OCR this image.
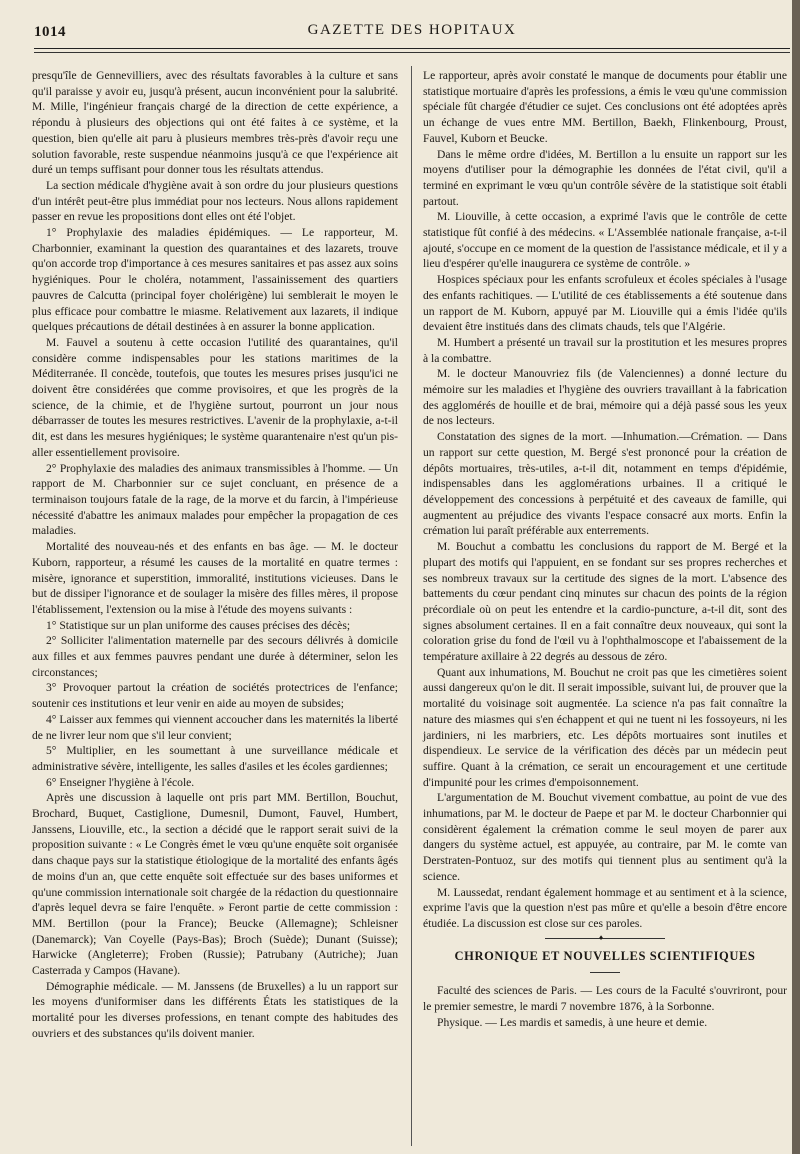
1014	GAZETTE DES HOPITAUX

presqu'île de Gennevilliers, avec des résultats favorables à la culture et sans qu'il paraisse y avoir eu, jusqu'à présent, aucun inconvénient pour la salubrité. M. Mille, l'ingénieur français chargé de la direction de cette expérience, a répondu à plusieurs des objections qui ont été faites à ce système, et la question, bien qu'elle ait paru à plusieurs membres très-près d'avoir reçu une solution favorable, reste suspendue néanmoins jusqu'à ce que l'expérience ait duré un temps suffisant pour donner tous les résultats attendus.

La section médicale d'hygiène avait à son ordre du jour plusieurs questions d'un intérêt peut-être plus immédiat pour nos lecteurs. Nous allons rapidement passer en revue les propositions dont elles ont été l'objet.

1° Prophylaxie des maladies épidémiques. — Le rapporteur, M. Charbonnier, examinant la question des quarantaines et des lazarets, trouve qu'on accorde trop d'importance à ces mesures sanitaires et pas assez aux soins hygiéniques. Pour le choléra, notamment, l'assainissement des quartiers pauvres de Calcutta (principal foyer cholérigène) lui semblerait le moyen le plus efficace pour combattre le miasme. Relativement aux lazarets, il indique quelques précautions de détail destinées à en assurer la bonne application.

M. Fauvel a soutenu à cette occasion l'utilité des quarantaines, qu'il considère comme indispensables pour les stations maritimes de la Méditerranée. Il concède, toutefois, que toutes les mesures prises jusqu'ici ne doivent être considérées que comme provisoires, et que les progrès de la science, de la chimie, et de l'hygiène surtout, pourront un jour nous débarrasser de toutes les mesures restrictives. L'avenir de la prophylaxie, a-t-il dit, est dans les mesures hygiéniques; le système quarantenaire n'est qu'un pis-aller essentiellement provisoire.

2° Prophylaxie des maladies des animaux transmissibles à l'homme. — Un rapport de M. Charbonnier sur ce sujet concluant, en présence de a terminaison toujours fatale de la rage, de la morve et du farcin, à l'impérieuse nécessité d'abattre les animaux malades pour empêcher la propagation de ces maladies.

Mortalité des nouveau-nés et des enfants en bas âge. — M. le docteur Kuborn, rapporteur, a résumé les causes de la mortalité en quatre termes : misère, ignorance et superstition, immoralité, institutions vicieuses. Dans le but de dissiper l'ignorance et de soulager la misère des filles mères, il propose l'établissement, l'extension ou la mise à l'étude des moyens suivants :

1° Statistique sur un plan uniforme des causes précises des décès;

2° Solliciter l'alimentation maternelle par des secours délivrés à domicile aux filles et aux femmes pauvres pendant une durée à déterminer, selon les circonstances;

3° Provoquer partout la création de sociétés protectrices de l'enfance; soutenir ces institutions et leur venir en aide au moyen de subsides;

4° Laisser aux femmes qui viennent accoucher dans les maternités la liberté de ne livrer leur nom que s'il leur convient;

5° Multiplier, en les soumettant à une surveillance médicale et administrative sévère, intelligente, les salles d'asiles et les écoles gardiennes;

6° Enseigner l'hygiène à l'école.

Après une discussion à laquelle ont pris part MM. Bertillon, Bouchut, Brochard, Buquet, Castiglione, Dumesnil, Dumont, Fauvel, Humbert, Janssens, Liouville, etc., la section a décidé que le rapport serait suivi de la proposition suivante : « Le Congrès émet le vœu qu'une enquête soit organisée dans chaque pays sur la statistique étiologique de la mortalité des enfants âgés de moins d'un an, que cette enquête soit effectuée sur des bases uniformes et qu'une commission internationale soit chargée de la rédaction du questionnaire d'après lequel devra se faire l'enquête. » Feront partie de cette commission : MM. Bertillon (pour la France); Beucke (Allemagne); Schleisner (Danemarck); Van Coyelle (Pays-Bas); Broch (Suède); Dunant (Suisse); Harwicke (Angleterre); Froben (Russie); Patrubany (Autriche); Juan Casterrada y Campos (Havane).

Démographie médicale. — M. Janssens (de Bruxelles) a lu un rapport sur les moyens d'uniformiser dans les différents États les statistiques de la mortalité pour les diverses professions, en tenant compte des habitudes des ouvriers et des substances qu'ils doivent manier.

Le rapporteur, après avoir constaté le manque de documents pour établir une statistique mortuaire d'après les professions, a émis le vœu qu'une commission spéciale fût chargée d'étudier ce sujet. Ces conclusions ont été adoptées après un échange de vues entre MM. Bertillon, Baekh, Flinkenbourg, Proust, Fauvel, Kuborn et Beucke.

Dans le même ordre d'idées, M. Bertillon a lu ensuite un rapport sur les moyens d'utiliser pour la démographie les données de l'état civil, qu'il a terminé en exprimant le vœu qu'un contrôle sévère de la statistique soit établi partout.

M. Liouville, à cette occasion, a exprimé l'avis que le contrôle de cette statistique fût confié à des médecins. « L'Assemblée nationale française, a-t-il ajouté, s'occupe en ce moment de la question de l'assistance médicale, et il y a lieu d'espérer qu'elle inaugurera ce système de contrôle. »

Hospices spéciaux pour les enfants scrofuleux et écoles spéciales à l'usage des enfants rachitiques. — L'utilité de ces établissements a été soutenue dans un rapport de M. Kuborn, appuyé par M. Liouville qui a émis l'idée qu'ils devaient être institués dans des climats chauds, tels que l'Algérie.

M. Humbert a présenté un travail sur la prostitution et les mesures propres à la combattre.

M. le docteur Manouvriez fils (de Valenciennes) a donné lecture du mémoire sur les maladies et l'hygiène des ouvriers travaillant à la fabrication des agglomérés de houille et de brai, mémoire qui a déjà passé sous les yeux de nos lecteurs.

Constatation des signes de la mort. —Inhumation.—Crémation. — Dans un rapport sur cette question, M. Bergé s'est prononcé pour la création de dépôts mortuaires, très-utiles, a-t-il dit, notamment en temps d'épidémie, indispensables dans les agglomérations urbaines. Il a critiqué le développement des concessions à perpétuité et des caveaux de famille, qui augmentent au préjudice des vivants l'espace consacré aux morts. Enfin la crémation lui paraît préférable aux enterrements.

M. Bouchut a combattu les conclusions du rapport de M. Bergé et la plupart des motifs qui l'appuient, en se fondant sur ses propres recherches et ses nombreux travaux sur la certitude des signes de la mort. L'absence des battements du cœur pendant cinq minutes sur chacun des points de la région précordiale où on peut les entendre et la cardio-puncture, a-t-il dit, sont des signes absolument certaines. Il en a fait connaître deux nouveaux, qui sont la coloration grise du fond de l'œil vu à l'ophthalmoscope et l'abaissement de la température axillaire à 22 degrés au dessous de zéro.

Quant aux inhumations, M. Bouchut ne croit pas que les cimetières soient aussi dangereux qu'on le dit. Il serait impossible, suivant lui, de prouver que la mortalité du voisinage soit augmentée. La science n'a pas fait connaître la nature des miasmes qui s'en échappent et qui ne tuent ni les fossoyeurs, ni les jardiniers, ni les marbriers, etc. Les dépôts mortuaires sont inutiles et dispendieux. Le service de la vérification des décès par un médecin peut suffire. Quant à la crémation, ce serait un encouragement et une certitude d'impunité pour les crimes d'empoisonnement.

L'argumentation de M. Bouchut vivement combattue, au point de vue des inhumations, par M. le docteur de Paepe et par M. le docteur Charbonnier qui considèrent également la crémation comme le seul moyen de parer aux dangers du système actuel, est appuyée, au contraire, par M. le comte van Derstraten-Pontuoz, sur des motifs qui tiennent plus au sentiment qu'à la science.

M. Laussedat, rendant également hommage et au sentiment et à la science, exprime l'avis que la question n'est pas mûre et qu'elle a besoin d'être encore étudiée. La discussion est close sur ces paroles.

♦
CHRONIQUE ET NOUVELLES SCIENTIFIQUES

Faculté des sciences de Paris. — Les cours de la Faculté s'ouvriront, pour le premier semestre, le mardi 7 novembre 1876, à la Sorbonne.

Physique. — Les mardis et samedis, à une heure et demie.
